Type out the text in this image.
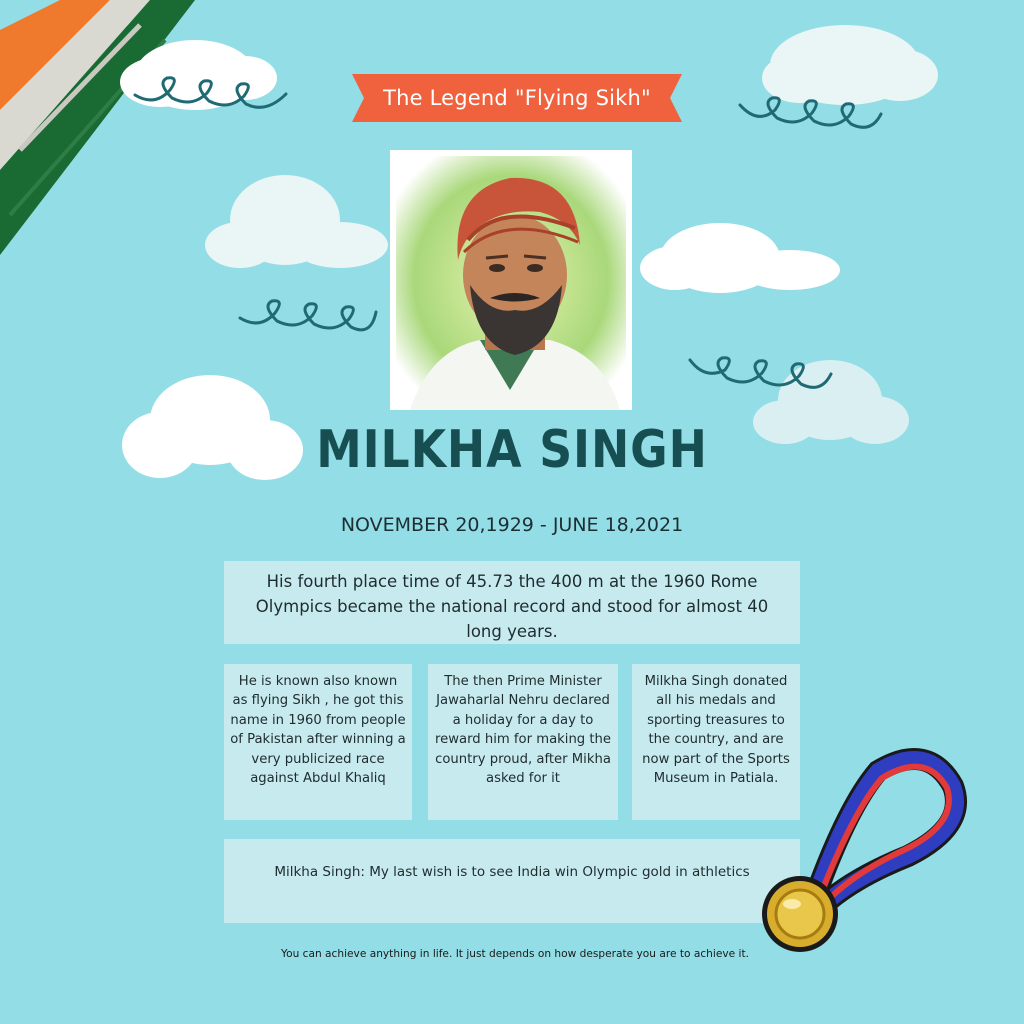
The Legend "Flying Sikh"
MILKHA SINGH
NOVEMBER 20,1929 - JUNE 18,2021
His fourth place time of 45.73 the 400 m at the 1960 Rome Olympics became the national record and stood for almost 40 long years.
He is known also known as flying Sikh , he got this name in 1960 from people of Pakistan after winning a very publicized race against Abdul Khaliq
The then Prime Minister Jawaharlal Nehru declared a holiday for a day to reward him for making the country proud, after Mikha asked for it
Milkha Singh donated all his medals and sporting treasures to the country, and are now part of the Sports Museum in Patiala.
Milkha Singh: My last wish is to see India win Olympic gold in athletics
You can achieve anything in life. It just depends on how desperate you are to achieve it.
